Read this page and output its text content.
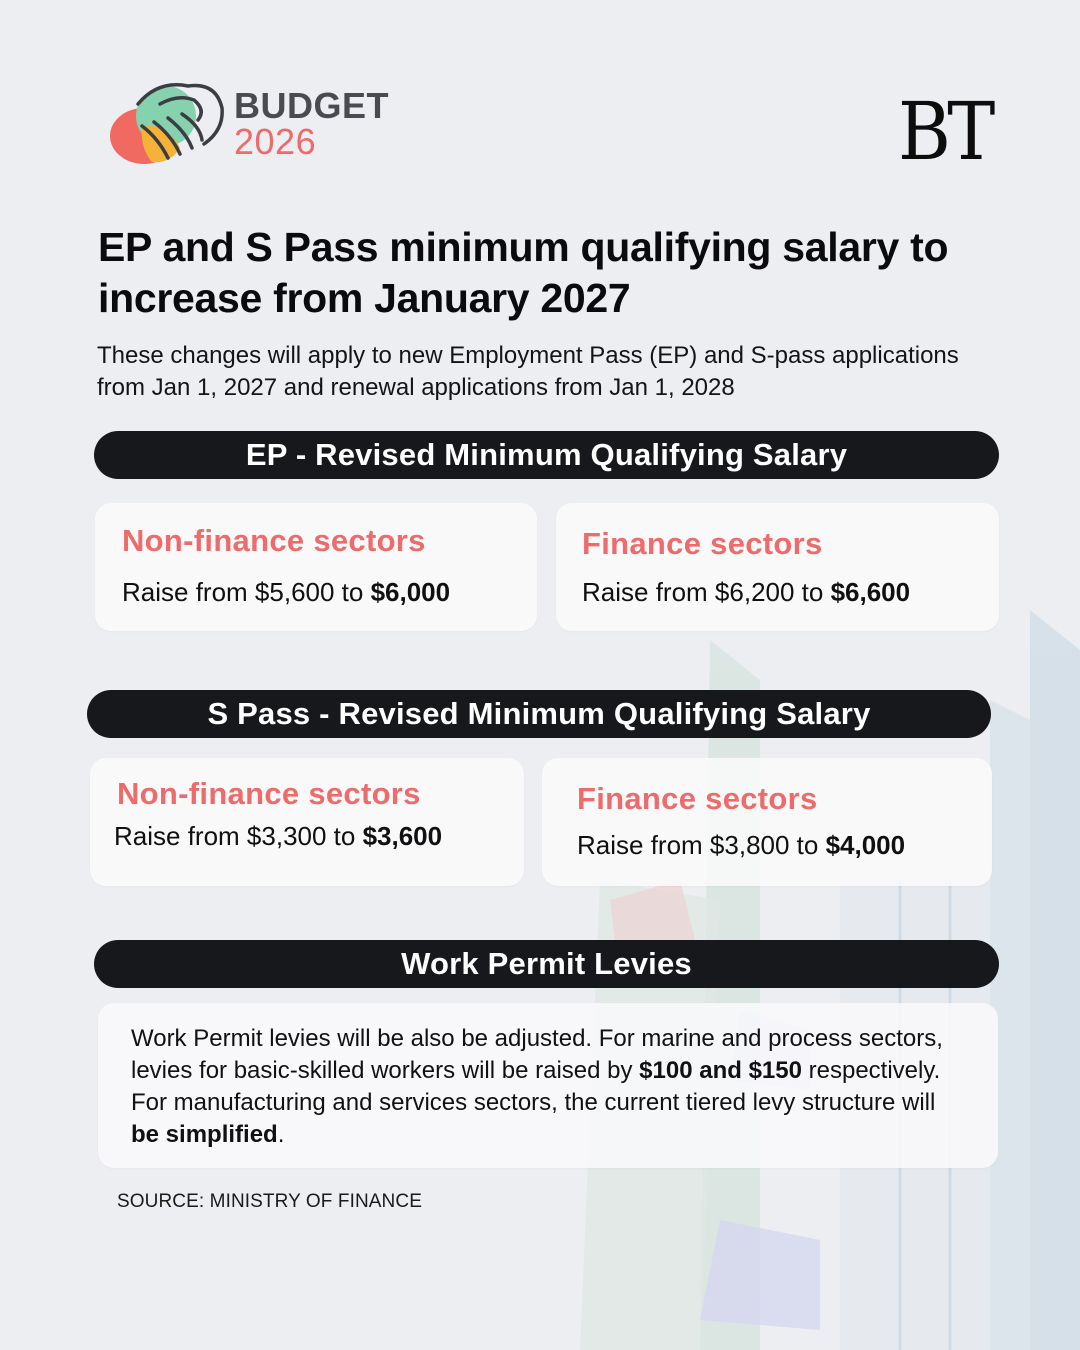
BUDGET
2026	BT
EP and S Pass minimum qualifying salary to increase from January 2027
These changes will apply to new Employment Pass (EP) and S-pass applications from Jan 1, 2027 and renewal applications from Jan 1, 2028
EP - Revised Minimum Qualifying Salary
Non-finance sectors
Raise from $5,600 to $6,000
Finance sectors
Raise from $6,200 to $6,600
S Pass - Revised Minimum Qualifying Salary
Non-finance sectors
Raise from $3,300 to $3,600
Finance sectors
Raise from $3,800 to $4,000
Work Permit Levies
Work Permit levies will be also be adjusted. For marine and process sectors, levies for basic-skilled workers will be raised by $100 and $150 respectively. For manufacturing and services sectors, the current tiered levy structure will be simplified.
SOURCE: MINISTRY OF FINANCE
